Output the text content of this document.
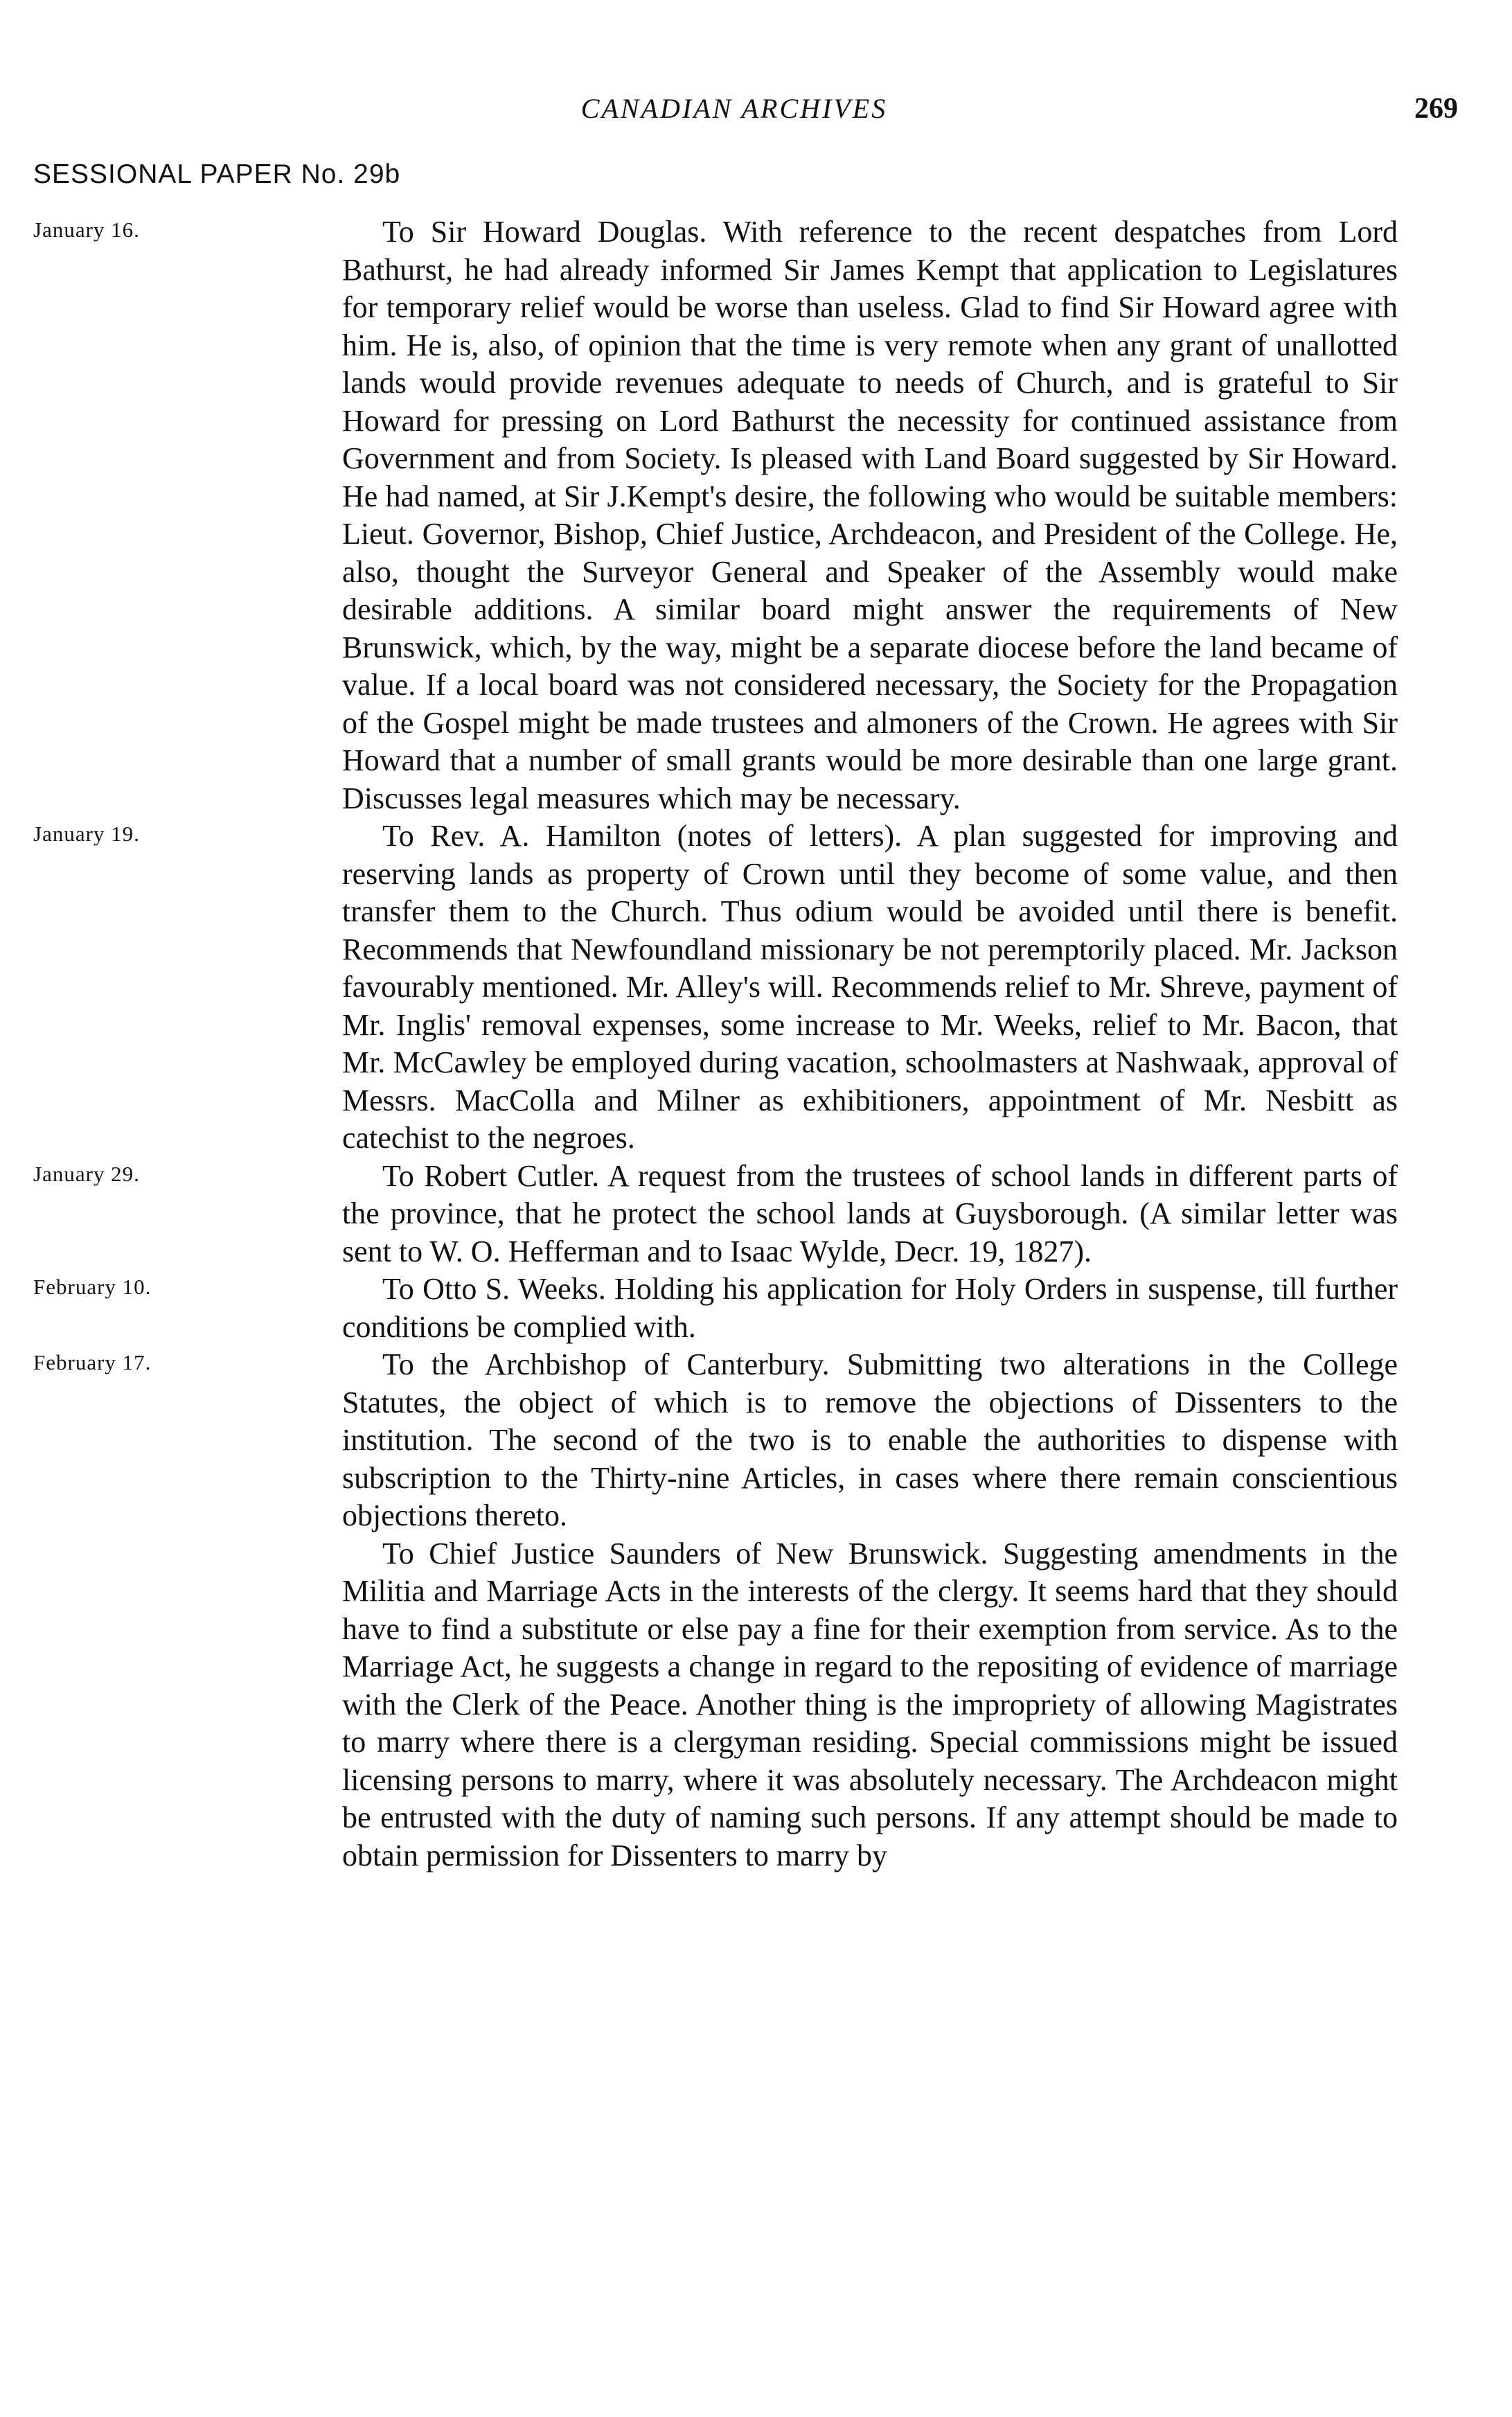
CANADIAN ARCHIVES	269
SESSIONAL PAPER No. 29b
January 16.	To Sir Howard Douglas. With reference to the recent despatches from Lord Bathurst, he had already informed Sir James Kempt that application to Legislatures for temporary relief would be worse than useless. Glad to find Sir Howard agree with him. He is, also, of opinion that the time is very remote when any grant of unallotted lands would provide revenues adequate to needs of Church, and is grateful to Sir Howard for pressing on Lord Bathurst the necessity for continued assistance from Government and from Society. Is pleased with Land Board suggested by Sir Howard. He had named, at Sir J.Kempt's desire, the following who would be suitable members: Lieut. Governor, Bishop, Chief Justice, Archdeacon, and President of the College. He, also, thought the Surveyor General and Speaker of the Assembly would make desirable additions. A similar board might answer the requirements of New Brunswick, which, by the way, might be a separate diocese before the land became of value. If a local board was not considered necessary, the Society for the Propagation of the Gospel might be made trustees and almoners of the Crown. He agrees with Sir Howard that a number of small grants would be more desirable than one large grant. Discusses legal measures which may be necessary.
January 19.	To Rev. A. Hamilton (notes of letters). A plan suggested for improving and reserving lands as property of Crown until they become of some value, and then transfer them to the Church. Thus odium would be avoided until there is benefit. Recommends that Newfoundland missionary be not peremptorily placed. Mr. Jackson favourably mentioned. Mr. Alley's will. Recommends relief to Mr. Shreve, payment of Mr. Inglis' removal expenses, some increase to Mr. Weeks, relief to Mr. Bacon, that Mr. McCawley be employed during vacation, schoolmasters at Nashwaak, approval of Messrs. MacColla and Milner as exhibitioners, appointment of Mr. Nesbitt as catechist to the negroes.
January 29.	To Robert Cutler. A request from the trustees of school lands in different parts of the province, that he protect the school lands at Guysborough. (A similar letter was sent to W. O. Hefferman and to Isaac Wylde, Decr. 19, 1827).
February 10.	To Otto S. Weeks. Holding his application for Holy Orders in suspense, till further conditions be complied with.
February 17.	To the Archbishop of Canterbury. Submitting two alterations in the College Statutes, the object of which is to remove the objections of Dissenters to the institution. The second of the two is to enable the authorities to dispense with subscription to the Thirty-nine Articles, in cases where there remain conscientious objections thereto.
To Chief Justice Saunders of New Brunswick. Suggesting amendments in the Militia and Marriage Acts in the interests of the clergy. It seems hard that they should have to find a substitute or else pay a fine for their exemption from service. As to the Marriage Act, he suggests a change in regard to the repositing of evidence of marriage with the Clerk of the Peace. Another thing is the impropriety of allowing Magistrates to marry where there is a clergyman residing. Special commissions might be issued licensing persons to marry, where it was absolutely necessary. The Archdeacon might be entrusted with the duty of naming such persons. If any attempt should be made to obtain permission for Dissenters to marry by
